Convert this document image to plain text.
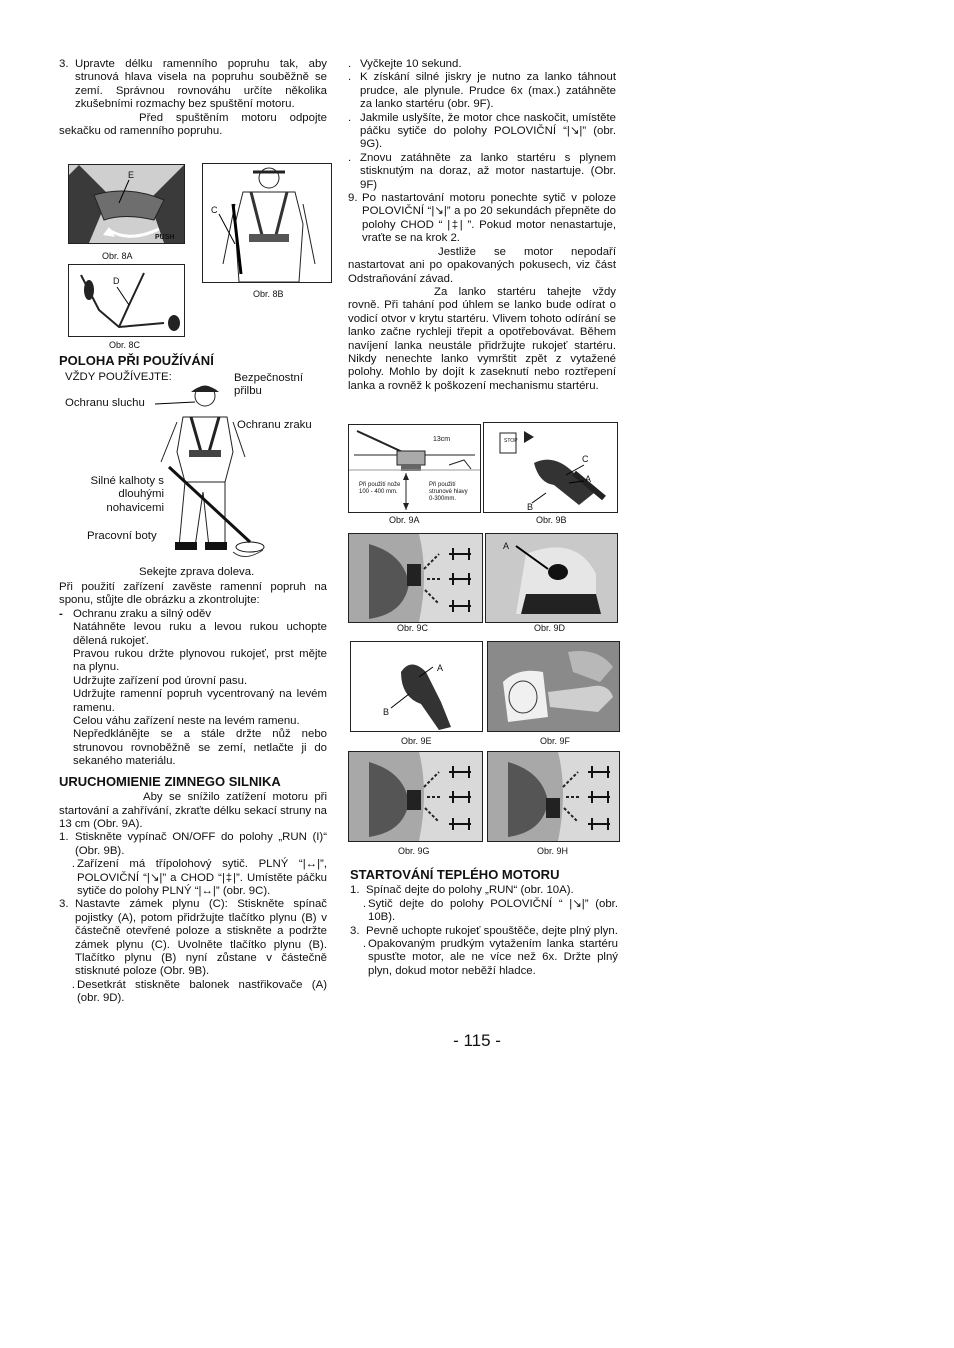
3. Upravte délku ramenního popruhu tak, aby strunová hlava visela na popruhu souběžně se zemí. Správnou rovnováhu určíte několika zkušebními rozmachy bez spuštění motoru.

Před spuštěním motoru odpojte sekačku od ramenního popruhu.

E
PUSH
Obr. 8A
C
Obr. 8B
D
Obr. 8C
POLOHA PŘI POUŽÍVÁNÍ
VŽDY POUŽÍVEJTE:	Bezpečnostní přilbu
Ochranu sluchu
Ochranu zraku
Silné kalhoty s dlouhými nohavicemi
Pracovní boty
Sekejte zprava doleva.

Při použití zařízení zavěste ramenní popruh na sponu, stůjte dle obrázku a zkontrolujte:

- Ochranu zraku a silný oděv

Natáhněte levou ruku a levou rukou uchopte dělená rukojeť.

Pravou rukou držte plynovou rukojeť, prst mějte na plynu.

Udržujte zařízení pod úrovní pasu.

Udržujte ramenní popruh vycentrovaný na levém ramenu.

Celou váhu zařízení neste na levém ramenu.

Nepředklánějte se a stále držte nůž nebo strunovou rovnoběžně se zemí, netlačte ji do sekaného materiálu.

URUCHOMIENIE ZIMNEGO SILNIKA

Aby se snížilo zatížení motoru při startování a zahřívání, zkraťte délku sekací struny na 13 cm (Obr. 9A).

1. Stiskněte vypínač ON/OFF do polohy „RUN (I)“ (Obr. 9B).
. Zařízení má třípolohový sytič. PLNÝ “|↔|”, POLOVIČNÍ “|↘|” a CHOD “|‡|”. Umístěte páčku sytiče do polohy PLNÝ “|↔|” (obr. 9C).
3. Nastavte zámek plynu (C): Stiskněte spínač pojistky (A), potom přidržujte tlačítko plynu (B) v částečně otevřené poloze a stiskněte a podržte zámek plynu (C). Uvolněte tlačítko plynu (B). Tlačítko plynu (B) nyní zůstane v částečně stisknuté poloze (Obr. 9B).
. Desetkrát stiskněte balonek nastřikovače (A) (obr. 9D).
. Vyčkejte 10 sekund.
. K získání silné jiskry je nutno za lanko táhnout prudce, ale plynule. Prudce 6x (max.) zatáhněte za lanko startéru (obr. 9F).
. Jakmile uslyšíte, že motor chce naskočit, umístěte páčku sytiče do polohy POLOVIČNÍ “|↘|” (obr. 9G).
. Znovu zatáhněte za lanko startéru s plynem stisknutým na doraz, až motor nastartuje. (Obr. 9F)
9. Po nastartování motoru ponechte sytič v poloze POLOVIČNÍ “|↘|” a po 20 sekundách přepněte do polohy CHOD “ |‡| ”. Pokud motor nenastartuje, vraťte se na krok 2.

Jestliže se motor nepodaří nastartovat ani po opakovaných pokusech, viz část Odstraňování závad.

Za lanko startéru tahejte vždy rovně. Při tahání pod úhlem se lanko bude odírat o vodicí otvor v krytu startéru. Vlivem tohoto odírání se lanko začne rychleji třepit a opotřebovávat. Během navíjení lanka neustále přidržujte rukojeť startéru. Nikdy nenechte lanko vymrštit zpět z vytažené polohy. Mohlo by dojít k zaseknutí nebo roztřepení lanka a rovněž k poškození mechanismu startéru.

13cm
Při použití nože 100 - 400 mm.
Při použití strunové hlavy 0-300mm.
Obr. 9A
STOP
C
A
B
Obr. 9B
Obr. 9C
A
Obr. 9D
A
B
Obr. 9E	Obr. 9F
Obr. 9G	Obr. 9H
STARTOVÁNÍ TEPLÉHO MOTORU
1. Spínač dejte do polohy „RUN“ (obr. 10A).
. Sytič dejte do polohy POLOVIČNÍ “ |↘|” (obr. 10B).
3. Pevně uchopte rukojeť spouštěče, dejte plný plyn.
. Opakovaným prudkým vytažením lanka startéru spusťte motor, ale ne více než 6x. Držte plný plyn, dokud motor neběží hladce.
- 115 -
